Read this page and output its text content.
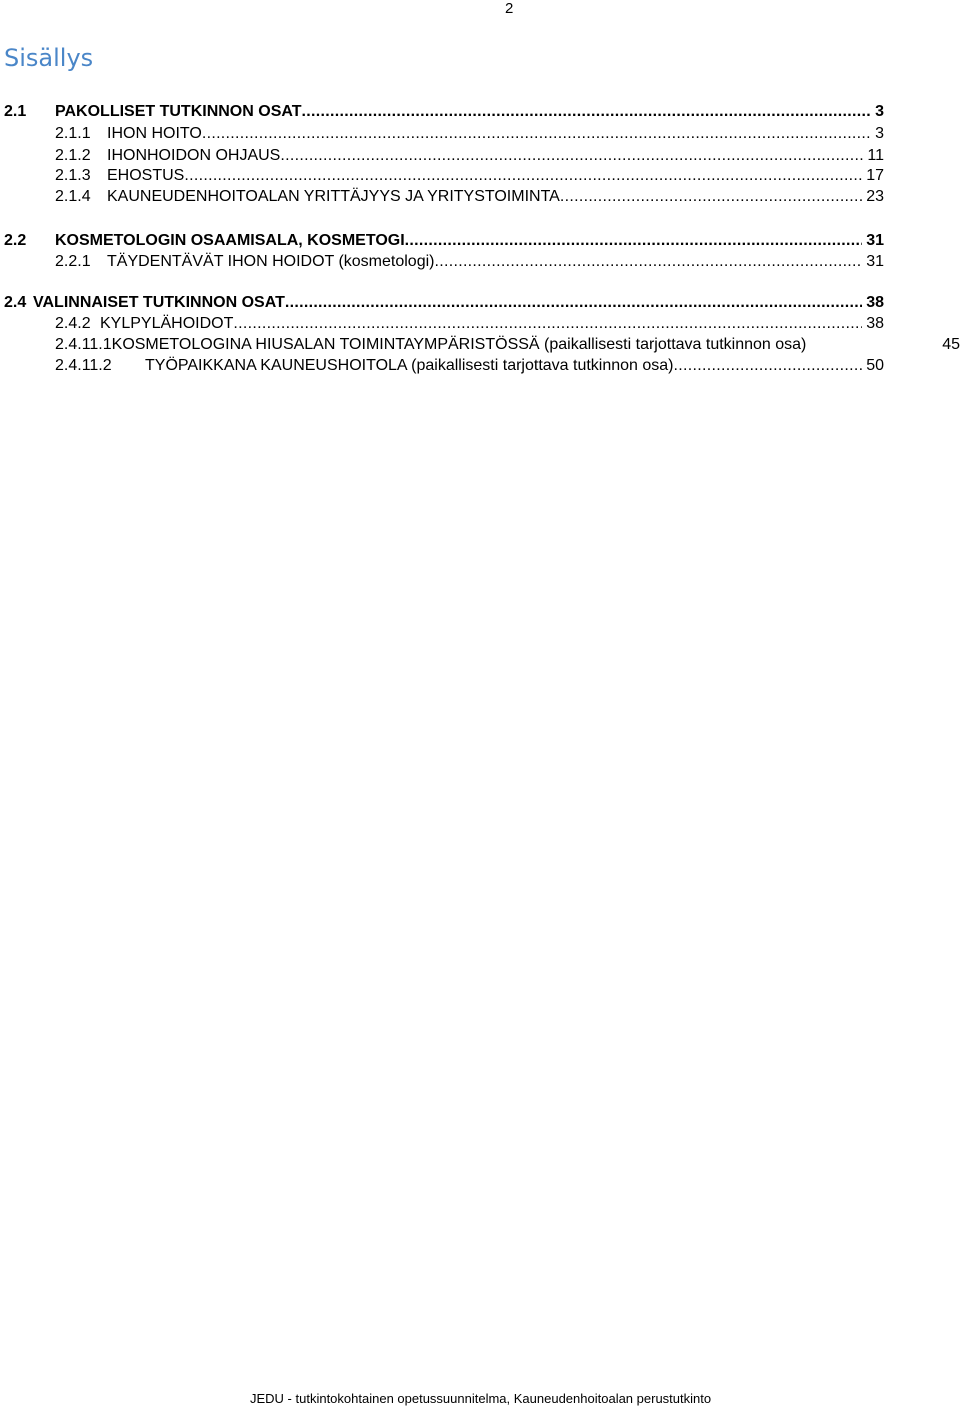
2
Sisällys
2.1	PAKOLLISET TUTKINNON OSAT .....	3
2.1.1	IHON HOITO .....	3
2.1.2	IHONHOIDON OHJAUS .....	11
2.1.3	EHOSTUS .....	17
2.1.4	KAUNEUDENHOITOALAN YRITTÄJYYS JA YRITYSTOIMINTA .....	23
2.2	KOSMETOLOGIN OSAAMISALA, KOSMETOGI .....	31
2.2.1	TÄYDENTÄVÄT IHON HOIDOT (kosmetologi) .....	31
2.4 VALINNAISET TUTKINNON OSAT .....	38
2.4.2 KYLPYLÄHOIDOT .....	38
2.4.11.1 KOSMETOLOGINA HIUSALAN TOIMINTAYMPÄRISTÖSSÄ (paikallisesti tarjottava tutkinnon osa)	45
2.4.11.2	TYÖPAIKKANA KAUNEUSHOITOLA (paikallisesti tarjottava tutkinnon osa) .....	50
JEDU - tutkintokohtainen opetussuunnitelma, Kauneudenhoitoalan perustutkinto
